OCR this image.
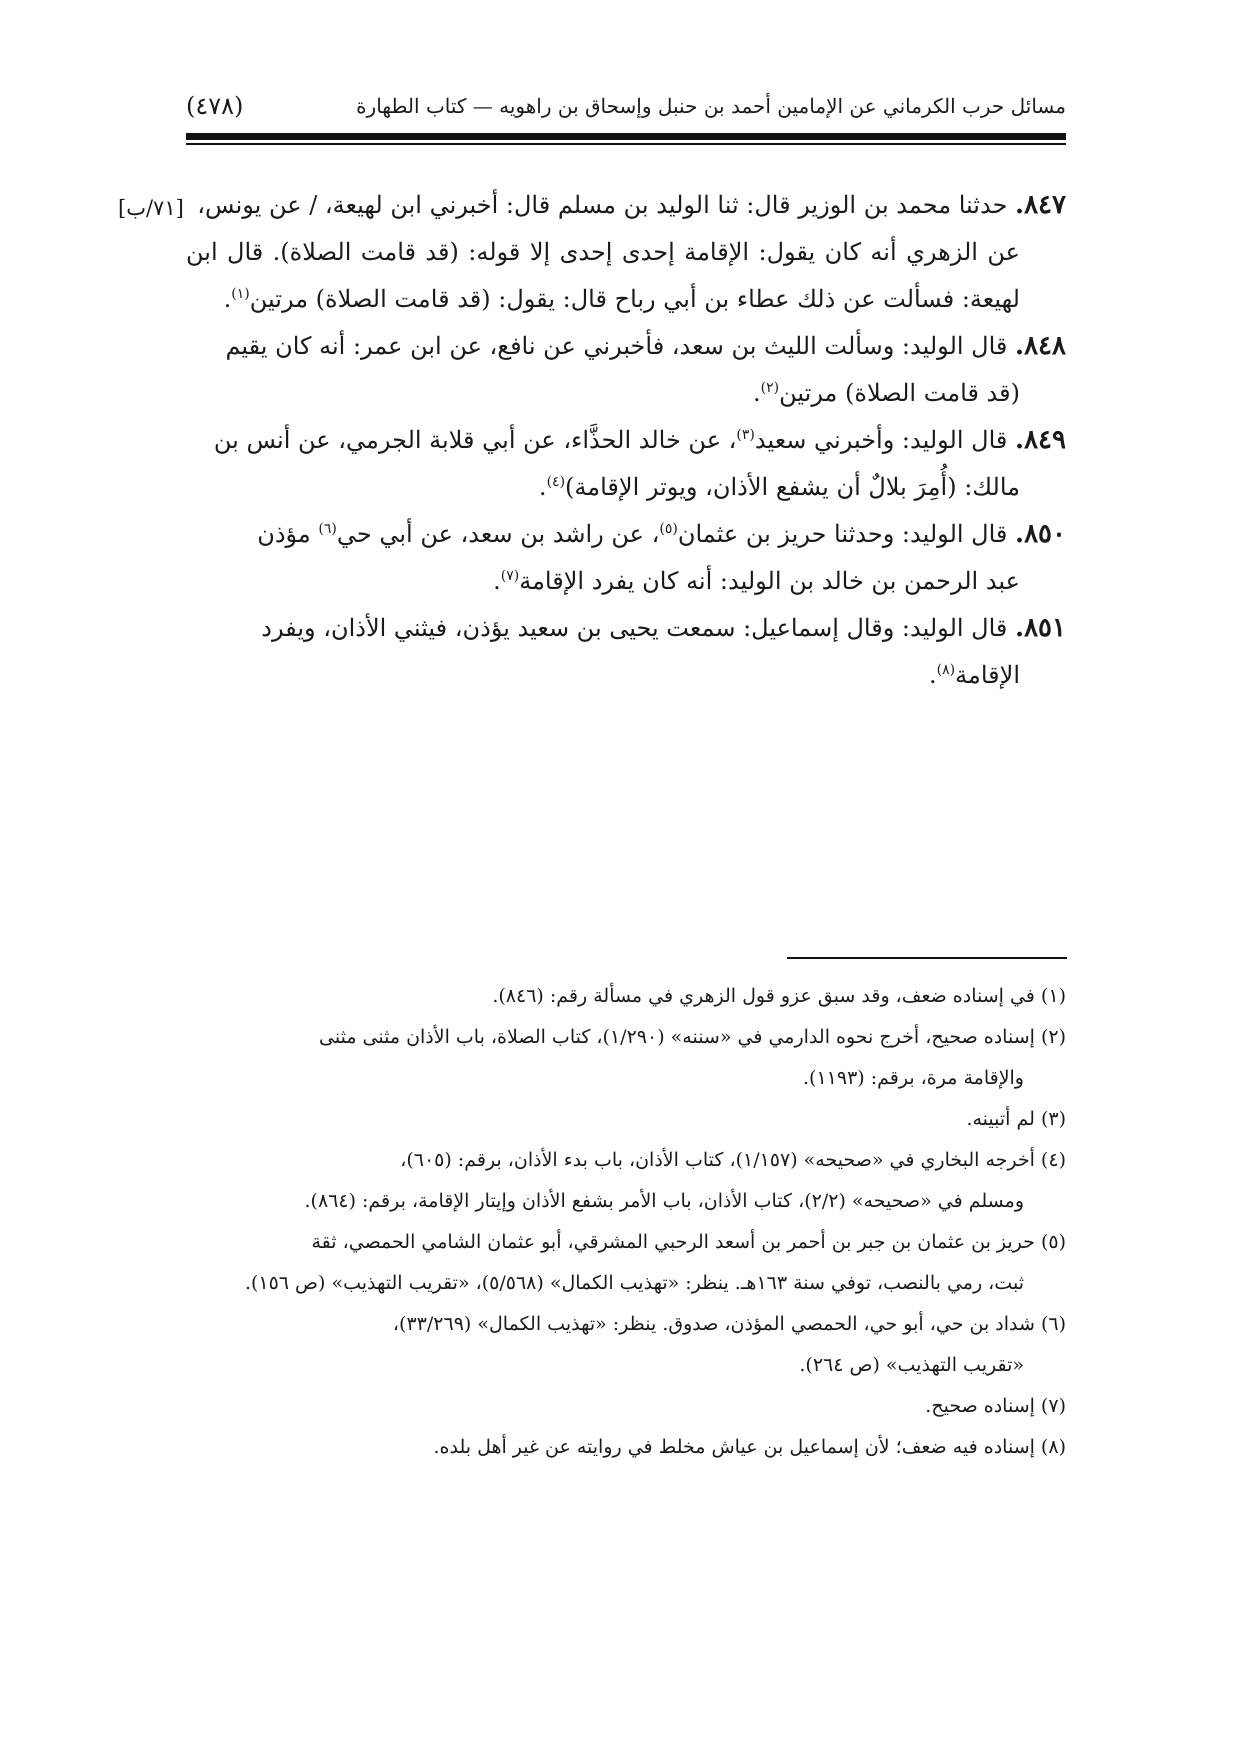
مسائل حرب الكرماني عن الإمامين أحمد بن حنبل وإسحاق بن راهويه — كتاب الطهارة
(٤٧٨)
[٧١/ب]	٨٤٧. حدثنا محمد بن الوزير قال: ثنا الوليد بن مسلم قال: أخبرني ابن لهيعة، / عن يونس،
عن الزهري أنه كان يقول: الإقامة إحدى إحدى إلا قوله: (قد قامت الصلاة). قال ابن لهيعة: فسألت عن ذلك عطاء بن أبي رباح قال: يقول: (قد قامت الصلاة) مرتين$^{(١)}$.

٨٤٨. قال الوليد: وسألت الليث بن سعد، فأخبرني عن نافع، عن ابن عمر: أنه كان يقيم
(قد قامت الصلاة) مرتين$^{(٢)}$.

٨٤٩. قال الوليد: وأخبرني سعيد$^{(٣)}$، عن خالد الحذَّاء، عن أبي قلابة الجرمي، عن أنس بن
مالك: (أُمِرَ بلالٌ أن يشفع الأذان، ويوتر الإقامة)$^{(٤)}$.

٨٥٠. قال الوليد: وحدثنا حريز بن عثمان$^{(٥)}$، عن راشد بن سعد، عن أبي حي$^{(٦)}$ مؤذن
عبد الرحمن بن خالد بن الوليد: أنه كان يفرد الإقامة$^{(٧)}$.

٨٥١. قال الوليد: وقال إسماعيل: سمعت يحيى بن سعيد يؤذن، فيثني الأذان، ويفرد
الإقامة$^{(٨)}$.

(١) في إسناده ضعف، وقد سبق عزو قول الزهري في مسألة رقم: (٨٤٦).

(٢) إسناده صحيح، أخرج نحوه الدارمي في «سننه» (١/٢٩٠)، كتاب الصلاة، باب الأذان مثنى مثنى
والإقامة مرة، برقم: (١١٩٣).

(٣) لم أتبينه.

(٤) أخرجه البخاري في «صحيحه» (١/١٥٧)، كتاب الأذان، باب بدء الأذان، برقم: (٦٠٥)،
ومسلم في «صحيحه» (٢/٢)، كتاب الأذان، باب الأمر بشفع الأذان وإيتار الإقامة، برقم: (٨٦٤).

(٥) حريز بن عثمان بن جبر بن أحمر بن أسعد الرحبي المشرقي، أبو عثمان الشامي الحمصي، ثقة
ثبت، رمي بالنصب، توفي سنة ١٦٣هـ. ينظر: «تهذيب الكمال» (٥/٥٦٨)، «تقريب التهذيب» (ص ١٥٦).

(٦) شداد بن حي، أبو حي، الحمصي المؤذن، صدوق. ينظر: «تهذيب الكمال» (٣٣/٢٦٩)،
«تقريب التهذيب» (ص ٢٦٤).

(٧) إسناده صحيح.

(٨) إسناده فيه ضعف؛ لأن إسماعيل بن عياش مخلط في روايته عن غير أهل بلده.
